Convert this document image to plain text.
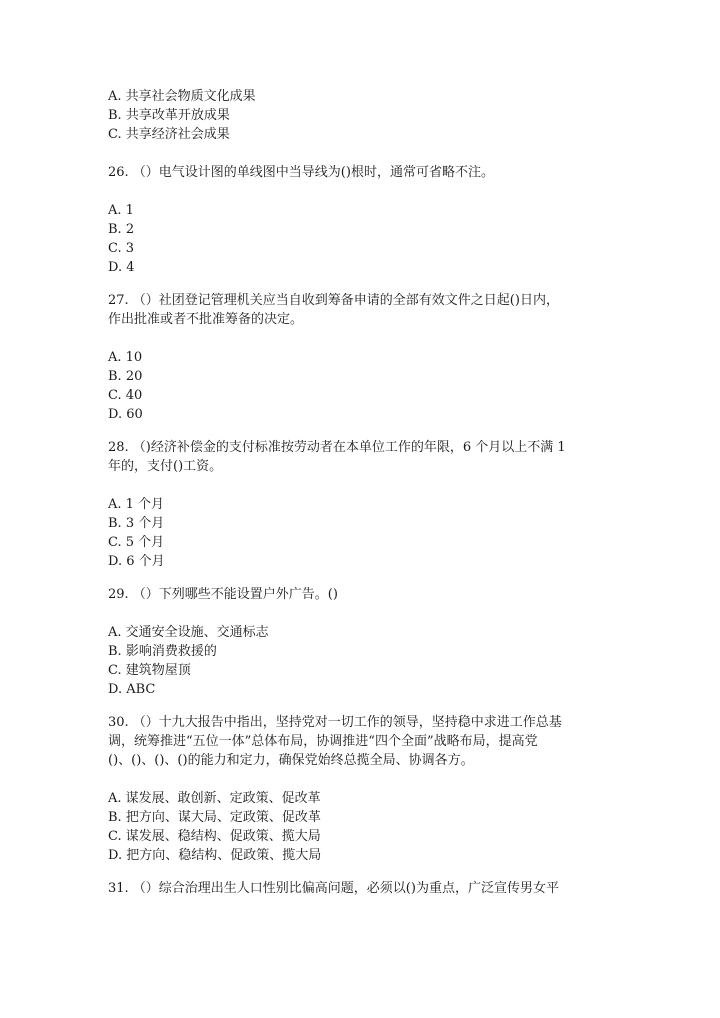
A. 共享社会物质文化成果
B. 共享改革开放成果
C. 共享经济社会成果
26. （）电气设计图的单线图中当导线为()根时，通常可省略不注。
A. 1
B. 2
C. 3
D. 4
27. （）社团登记管理机关应当自收到筹备申请的全部有效文件之日起()日内，
作出批准或者不批准筹备的决定。
A. 10
B. 20
C. 40
D. 60
28. （)经济补偿金的支付标准按劳动者在本单位工作的年限，6 个月以上不满 1
年的，支付()工资。
A. 1 个月
B. 3 个月
C. 5 个月
D. 6 个月
29. （）下列哪些不能设置户外广告。()
A. 交通安全设施、交通标志
B. 影响消费救援的
C. 建筑物屋顶
D. ABC
30. （）十九大报告中指出，坚持党对一切工作的领导，坚持稳中求进工作总基
调，统筹推进“五位一体”总体布局，协调推进“四个全面”战略布局，提高党
()、()、()、()的能力和定力，确保党始终总揽全局、协调各方。
A. 谋发展、敢创新、定政策、促改革
B. 把方向、谋大局、定政策、促改革
C. 谋发展、稳结构、促政策、揽大局
D. 把方向、稳结构、促政策、揽大局
31. （）综合治理出生人口性别比偏高问题，必须以()为重点，广泛宣传男女平
